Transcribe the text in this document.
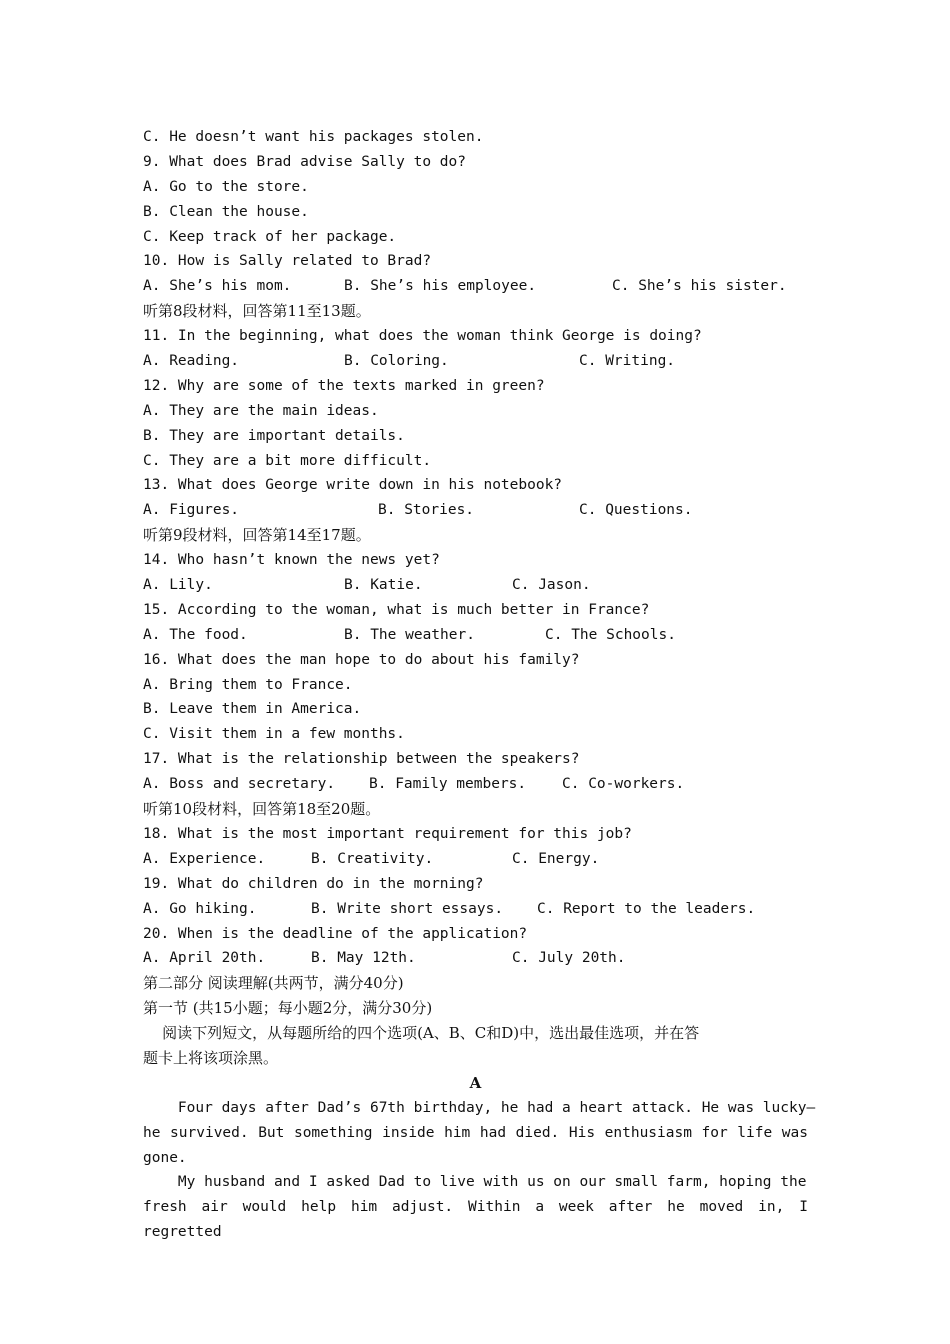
C. He doesn’t want his packages stolen.
9. What does Brad advise Sally to do?
A. Go to the store.
B. Clean the house.
C. Keep track of her package.
10. How is Sally related to Brad?
A. She’s his mom.	B. She’s his employee.	C. She’s his sister.
听第8段材料，回答第11至13题。
11. In the beginning, what does the woman think George is doing?
A. Reading.	B. Coloring.	C. Writing.
12. Why are some of the texts marked in green?
A. They are the main ideas.
B. They are important details.
C. They are a bit more difficult.
13. What does George write down in his notebook?
A. Figures.	B. Stories.	C. Questions.
听第9段材料，回答第14至17题。
14. Who hasn’t known the news yet?
A. Lily.	B. Katie.	C. Jason.
15. According to the woman, what is much better in France?
A. The food.	B. The weather.	C. The Schools.
16. What does the man hope to do about his family?
A. Bring them to France.
B. Leave them in America.
C. Visit them in a few months.
17. What is the relationship between the speakers?
A. Boss and secretary.	B. Family members.	C. Co-workers.
听第10段材料，回答第18至20题。
18. What is the most important requirement for this job?
A. Experience.	B. Creativity.	C. Energy.
19. What do children do in the morning?
A. Go hiking.	B. Write short essays.	C. Report to the leaders.
20. When is the deadline of the application?
A. April 20th.	B. May 12th.	C. July 20th.
第二部分 阅读理解(共两节，满分40分)
第一节 (共15小题；每小题2分，满分30分)
阅读下列短文，从每题所给的四个选项(A、B、C和D)中，选出最佳选项，并在答
题卡上将该项涂黑。
A
Four days after Dad’s 67th birthday, he had a heart attack. He was lucky—
he survived. But something inside him had died. His enthusiasm for life was
gone.
My husband and I asked Dad to live with us on our small farm, hoping the
fresh air would help him adjust. Within a week after he moved in, I regretted
